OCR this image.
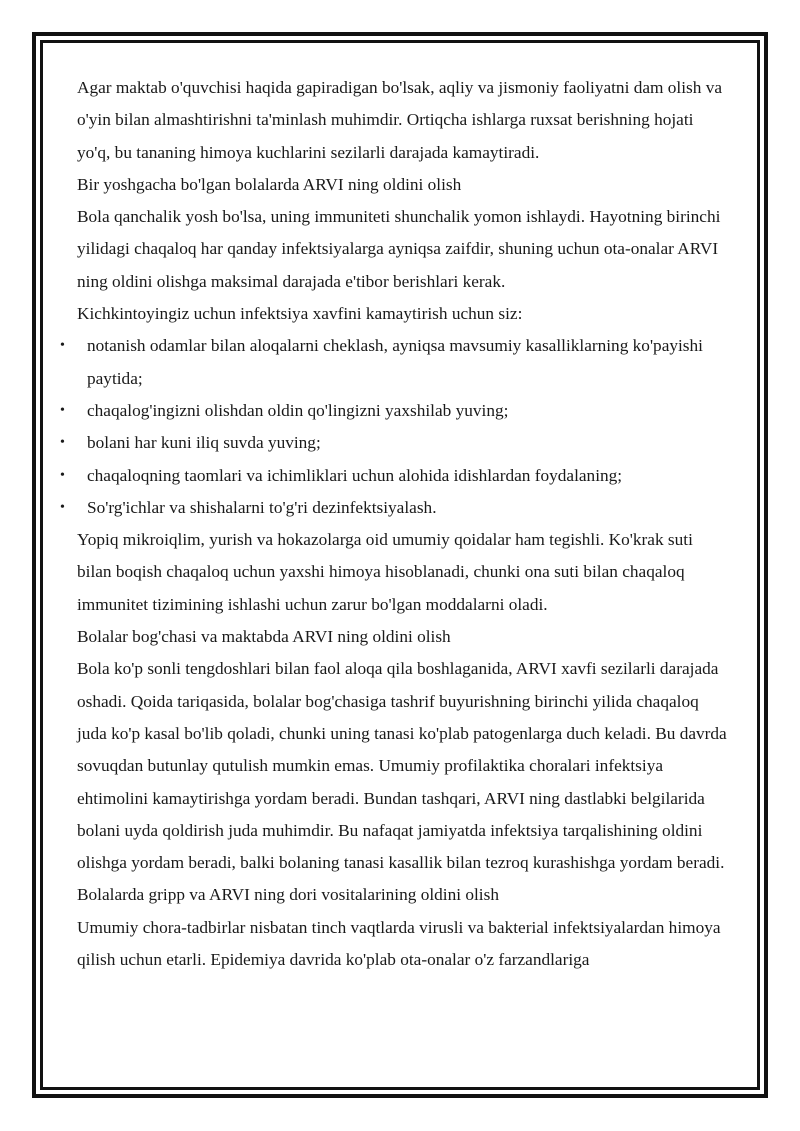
Agar maktab o'quvchisi haqida gapiradigan bo'lsak, aqliy va jismoniy faoliyatni dam olish va o'yin bilan almashtirishni ta'minlash muhimdir. Ortiqcha ishlarga ruxsat berishning hojati yo'q, bu tananing himoya kuchlarini sezilarli darajada kamaytiradi.

Bir yoshgacha bo'lgan bolalarda ARVI ning oldini olish

Bola qanchalik yosh bo'lsa, uning immuniteti shunchalik yomon ishlaydi. Hayotning birinchi yilidagi chaqaloq har qanday infektsiyalarga ayniqsa zaifdir, shuning uchun ota-onalar ARVI ning oldini olishga maksimal darajada e'tibor berishlari kerak.

Kichkintoyingiz uchun infektsiya xavfini kamaytirish uchun siz:

• notanish odamlar bilan aloqalarni cheklash, ayniqsa mavsumiy kasalliklarning ko'payishi paytida;
• chaqalog'ingizni olishdan oldin qo'lingizni yaxshilab yuving;
• bolani har kuni iliq suvda yuving;
• chaqaloqning taomlari va ichimliklari uchun alohida idishlardan foydalaning;
• So'rg'ichlar va shishalarni to'g'ri dezinfektsiyalash.

Yopiq mikroiqlim, yurish va hokazolarga oid umumiy qoidalar ham tegishli. Ko'krak suti bilan boqish chaqaloq uchun yaxshi himoya hisoblanadi, chunki ona suti bilan chaqaloq immunitet tizimining ishlashi uchun zarur bo'lgan moddalarni oladi.

Bolalar bog'chasi va maktabda ARVI ning oldini olish

Bola ko'p sonli tengdoshlari bilan faol aloqa qila boshlaganida, ARVI xavfi sezilarli darajada oshadi. Qoida tariqasida, bolalar bog'chasiga tashrif buyurishning birinchi yilida chaqaloq juda ko'p kasal bo'lib qoladi, chunki uning tanasi ko'plab patogenlarga duch keladi. Bu davrda sovuqdan butunlay qutulish mumkin emas. Umumiy profilaktika choralari infektsiya ehtimolini kamaytirishga yordam beradi. Bundan tashqari, ARVI ning dastlabki belgilarida bolani uyda qoldirish juda muhimdir. Bu nafaqat jamiyatda infektsiya tarqalishining oldini olishga yordam beradi, balki bolaning tanasi kasallik bilan tezroq kurashishga yordam beradi.

Bolalarda gripp va ARVI ning dori vositalarining oldini olish

Umumiy chora-tadbirlar nisbatan tinch vaqtlarda virusli va bakterial infektsiyalardan himoya qilish uchun etarli. Epidemiya davrida ko'plab ota-onalar o'z farzandlariga
